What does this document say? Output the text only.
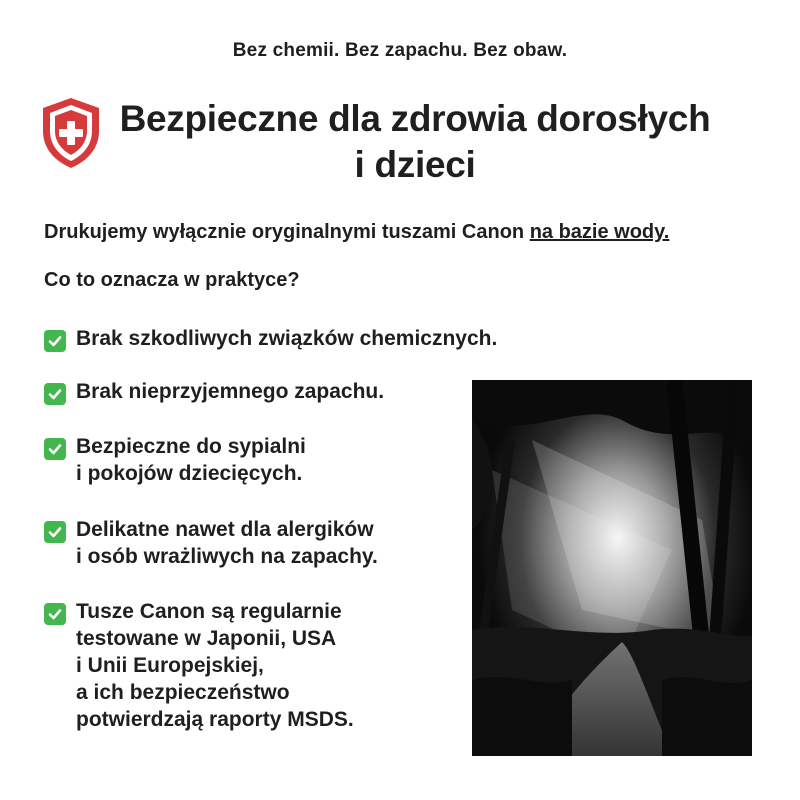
Bez chemii. Bez zapachu. Bez obaw.
Bezpieczne dla zdrowia dorosłych
i dzieci
Drukujemy wyłącznie oryginalnymi tuszami Canon na bazie wody.
Co to oznacza w praktyce?
Brak szkodliwych związków chemicznych.
Brak nieprzyjemnego zapachu.
Bezpieczne do sypialni
i pokojów dziecięcych.
Delikatne nawet dla alergików
i osób wrażliwych na zapachy.
Tusze Canon są regularnie
testowane w Japonii, USA
i Unii Europejskiej,
a ich bezpieczeństwo
potwierdzają raporty MSDS.
